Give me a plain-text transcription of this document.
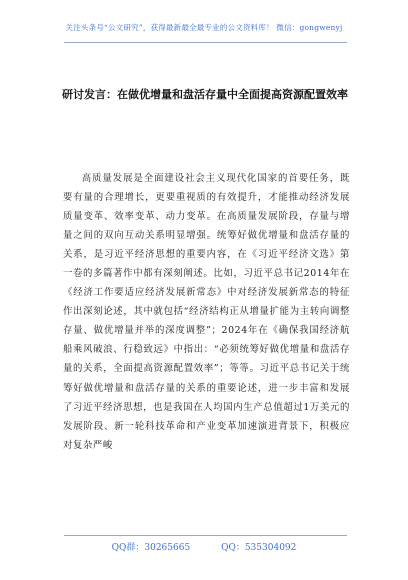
关注头条号“公文研究”，获得最新最全最专业的公文资料库！ 微信：gongwenyj
研讨发言：在做优增量和盘活存量中全面提高资源配置效率

高质量发展是全面建设社会主义现代化国家的首要任务，既要有量的合理增长，更要重视质的有效提升，才能推动经济发展质量变革、效率变革、动力变革。在高质量发展阶段，存量与增量之间的双向互动关系明显增强。统筹好做优增量和盘活存量的关系，是习近平经济思想的重要内容，在《习近平经济文选》第一卷的多篇著作中都有深刻阐述。比如，习近平总书记2014年在《经济工作要适应经济发展新常态》中对经济发展新常态的特征作出深刻论述，其中就包括“经济结构正从增量扩能为主转向调整存量、做优增量并举的深度调整”；2024年在《确保我国经济航船乘风破浪、行稳致远》中指出：“必须统筹好做优增量和盘活存量的关系，全面提高资源配置效率”；等等。习近平总书记关于统筹好做优增量和盘活存量的关系的重要论述，进一步丰富和发展了习近平经济思想，也是我国在人均国内生产总值超过1万美元的发展阶段、新一轮科技革命和产业变革加速演进背景下，积极应对复杂严峻

QQ群：30265665	QQ：535304092
